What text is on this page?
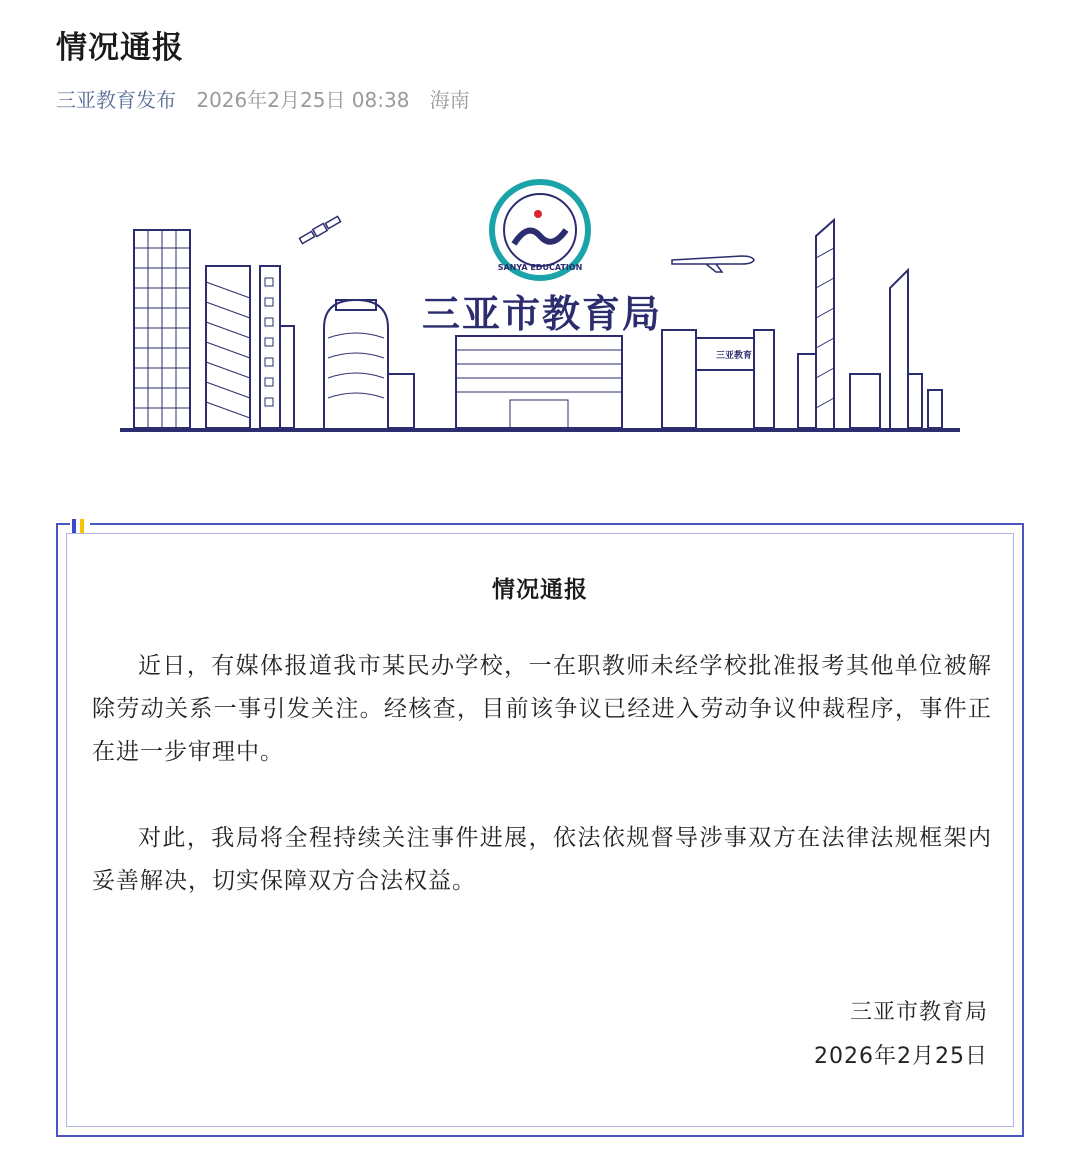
情况通报
三亚教育发布 2026年2月25日 08:38 海南
SANYA EDUCATION
三亚教育
三亚市教育局
情况通报
近日，有媒体报道我市某民办学校，一在职教师未经学校批准报考其他单位被解除劳动关系一事引发关注。经核查，目前该争议已经进入劳动争议仲裁程序，事件正在进一步审理中。
对此，我局将全程持续关注事件进展，依法依规督导涉事双方在法律法规框架内妥善解决，切实保障双方合法权益。
三亚市教育局
2026年2月25日
